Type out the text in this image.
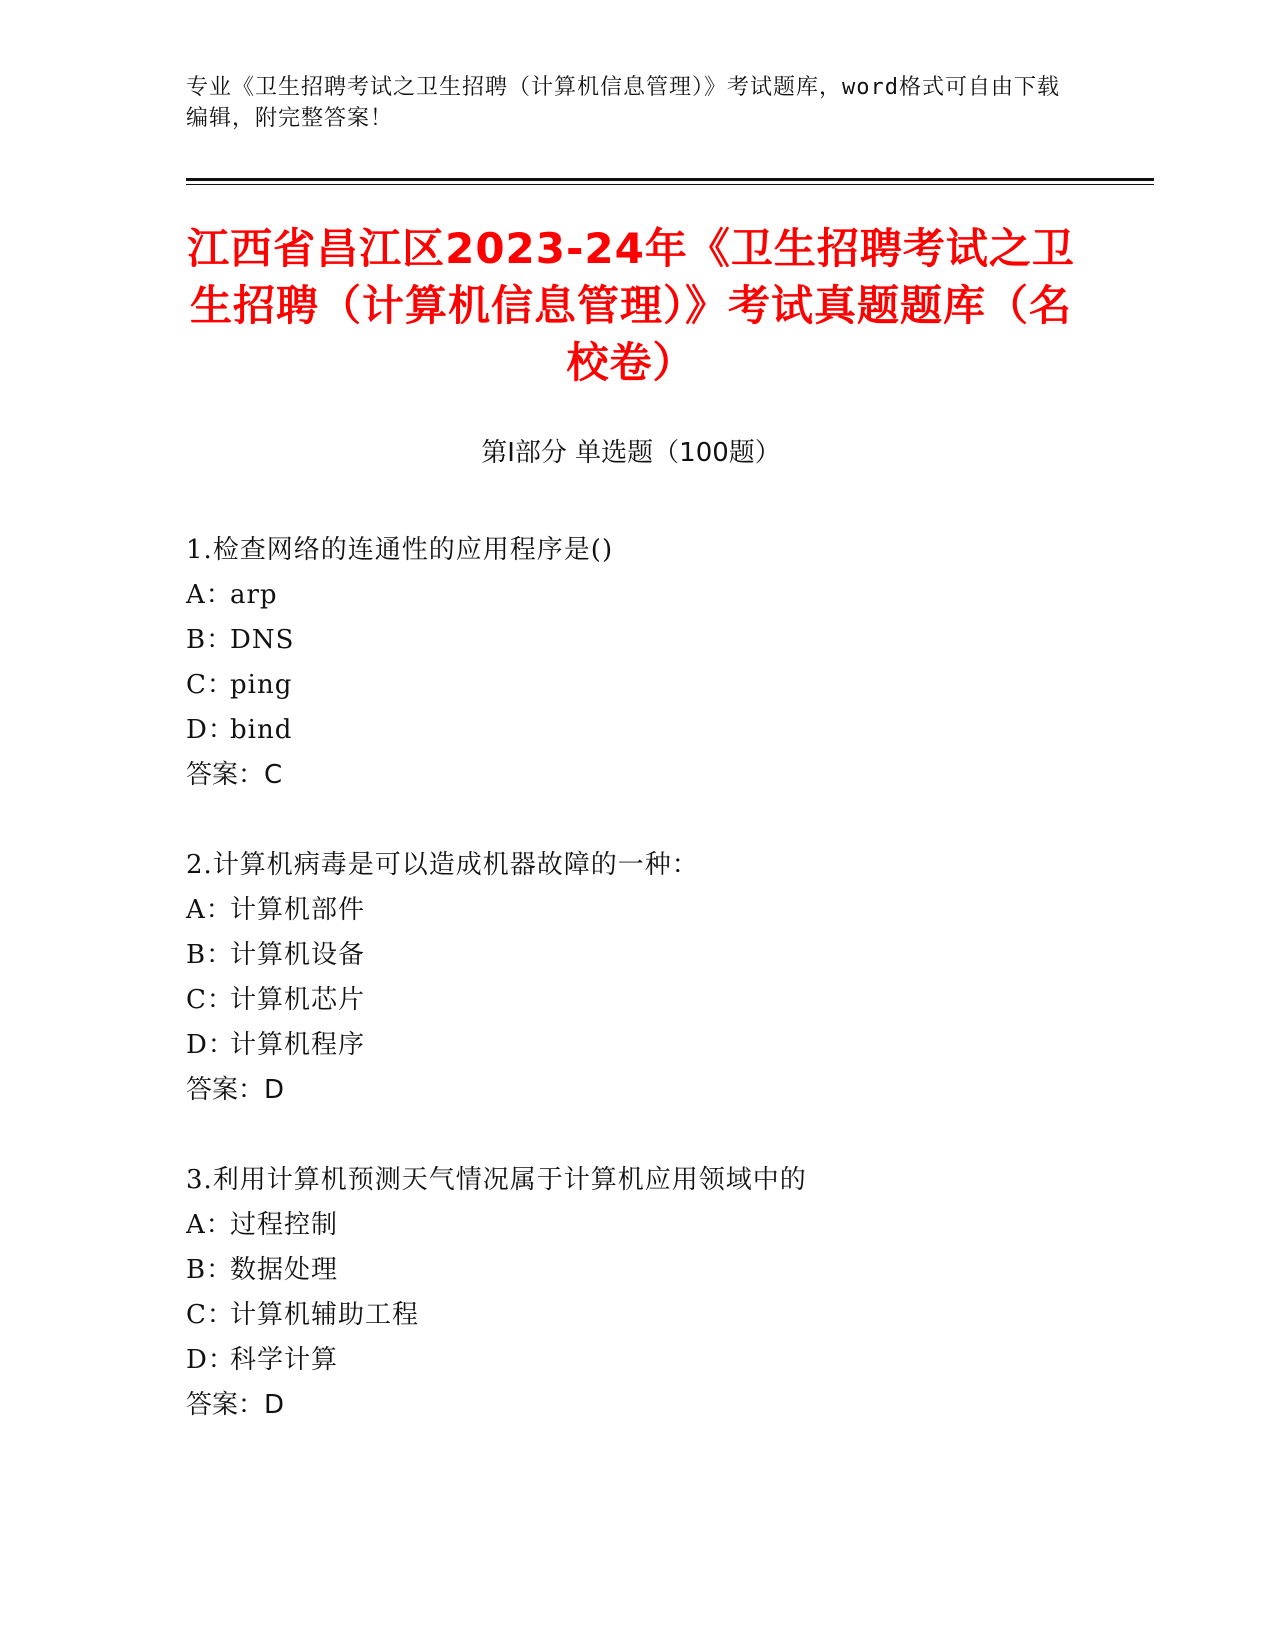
专业《卫生招聘考试之卫生招聘（计算机信息管理）》考试题库，word格式可自由下载编辑，附完整答案！
江西省昌江区2023-24年《卫生招聘考试之卫生招聘（计算机信息管理）》考试真题题库（名校卷）
第Ⅰ部分 单选题（100题）
1.检查网络的连通性的应用程序是()
A：arp
B：DNS
C：ping
D：bind
答案：C
2.计算机病毒是可以造成机器故障的一种：
A：计算机部件
B：计算机设备
C：计算机芯片
D：计算机程序
答案：D
3.利用计算机预测天气情况属于计算机应用领域中的
A：过程控制
B：数据处理
C：计算机辅助工程
D：科学计算
答案：D
